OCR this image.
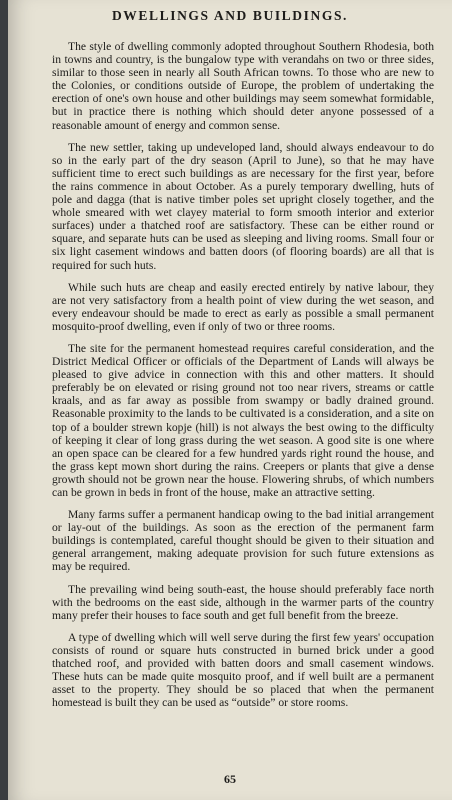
DWELLINGS AND BUILDINGS.

The style of dwelling commonly adopted throughout Southern Rhodesia, both in towns and country, is the bungalow type with verandahs on two or three sides, similar to those seen in nearly all South African towns. To those who are new to the Colonies, or conditions outside of Europe, the problem of undertaking the erection of one's own house and other buildings may seem somewhat formidable, but in practice there is nothing which should deter anyone possessed of a reasonable amount of energy and common sense.

The new settler, taking up undeveloped land, should always endeavour to do so in the early part of the dry season (April to June), so that he may have sufficient time to erect such buildings as are necessary for the first year, before the rains commence in about October. As a purely temporary dwelling, huts of pole and dagga (that is native timber poles set upright closely together, and the whole smeared with wet clayey material to form smooth interior and exterior surfaces) under a thatched roof are satisfactory. These can be either round or square, and separate huts can be used as sleeping and living rooms. Small four or six light casement windows and batten doors (of flooring boards) are all that is required for such huts.

While such huts are cheap and easily erected entirely by native labour, they are not very satisfactory from a health point of view during the wet season, and every endeavour should be made to erect as early as possible a small permanent mosquito-proof dwelling, even if only of two or three rooms.

The site for the permanent homestead requires careful consideration, and the District Medical Officer or officials of the Department of Lands will always be pleased to give advice in connection with this and other matters. It should preferably be on elevated or rising ground not too near rivers, streams or cattle kraals, and as far away as possible from swampy or badly drained ground. Reasonable proximity to the lands to be cultivated is a consideration, and a site on top of a boulder strewn kopje (hill) is not always the best owing to the difficulty of keeping it clear of long grass during the wet season. A good site is one where an open space can be cleared for a few hundred yards right round the house, and the grass kept mown short during the rains. Creepers or plants that give a dense growth should not be grown near the house. Flowering shrubs, of which numbers can be grown in beds in front of the house, make an attractive setting.

Many farms suffer a permanent handicap owing to the bad initial arrangement or lay-out of the buildings. As soon as the erection of the permanent farm buildings is contemplated, careful thought should be given to their situation and general arrangement, making adequate provision for such future extensions as may be required.

The prevailing wind being south-east, the house should preferably face north with the bedrooms on the east side, although in the warmer parts of the country many prefer their houses to face south and get full benefit from the breeze.

A type of dwelling which will well serve during the first few years' occupation consists of round or square huts constructed in burned brick under a good thatched roof, and provided with batten doors and small casement windows. These huts can be made quite mosquito proof, and if well built are a permanent asset to the property. They should be so placed that when the permanent homestead is built they can be used as “outside” or store rooms.

65
